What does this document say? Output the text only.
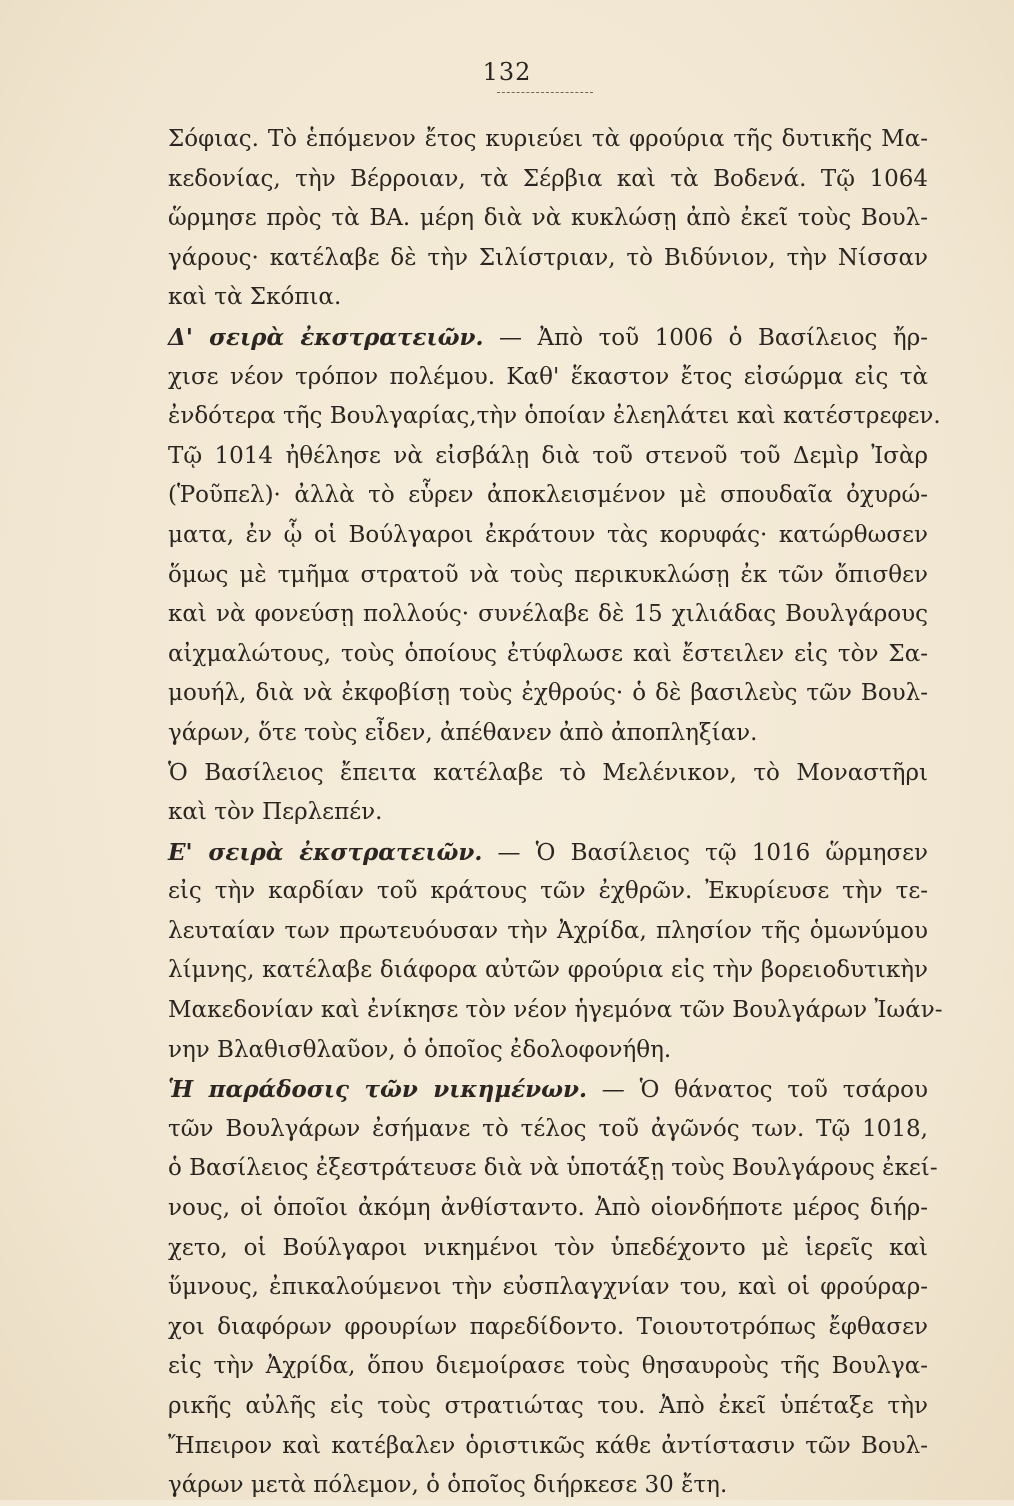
132
Σόφιας. Τὸ ἑπόμενον ἔτος κυριεύει τὰ φρούρια τῆς δυτικῆς Μα-
κεδονίας, τὴν Βέρροιαν, τὰ Σέρβια καὶ τὰ Βοδενά. Τῷ 1064
ὥρμησε πρὸς τὰ ΒΑ. μέρη διὰ νὰ κυκλώσῃ ἀπὸ ἐκεῖ τοὺς Βουλ-
γάρους· κατέλαβε δὲ τὴν Σιλίστριαν, τὸ Βιδύνιον, τὴν Νίσσαν
καὶ τὰ Σκόπια.
Δ' σειρὰ ἐκστρατειῶν. — Ἀπὸ τοῦ 1006 ὁ Βασίλειος ἤρ-
χισε νέον τρόπον πολέμου. Καθ' ἕκαστον ἔτος εἰσώρμα εἰς τὰ
ἐνδότερα τῆς Βουλγαρίας,τὴν ὁποίαν ἐλεηλάτει καὶ κατέστρεφεν.
Τῷ 1014 ἠθέλησε νὰ εἰσβάλῃ διὰ τοῦ στενοῦ τοῦ Δεμὶρ Ἰσὰρ
(Ῥοῦπελ)· ἀλλὰ τὸ εὗρεν ἀποκλεισμένον μὲ σπουδαῖα ὀχυρώ-
ματα, ἐν ᾧ οἱ Βούλγαροι ἐκράτουν τὰς κορυφάς· κατώρθωσεν
ὅμως μὲ τμῆμα στρατοῦ νὰ τοὺς περικυκλώσῃ ἐκ τῶν ὄπισθεν
καὶ νὰ φονεύσῃ πολλούς· συνέλαβε δὲ 15 χιλιάδας Βουλγάρους
αἰχμαλώτους, τοὺς ὁποίους ἐτύφλωσε καὶ ἔστειλεν εἰς τὸν Σα-
μουήλ, διὰ νὰ ἐκφοβίσῃ τοὺς ἐχθρούς· ὁ δὲ βασιλεὺς τῶν Βουλ-
γάρων, ὅτε τοὺς εἶδεν, ἀπέθανεν ἀπὸ ἀποπληξίαν.
Ὁ Βασίλειος ἔπειτα κατέλαβε τὸ Μελένικον, τὸ Μοναστῆρι
καὶ τὸν Περλεπέν.
Ε' σειρὰ ἐκστρατειῶν. — Ὁ Βασίλειος τῷ 1016 ὥρμησεν
εἰς τὴν καρδίαν τοῦ κράτους τῶν ἐχθρῶν. Ἐκυρίευσε τὴν τε-
λευταίαν των πρωτευόυσαν τὴν Ἀχρίδα, πλησίον τῆς ὁμωνύμου
λίμνης, κατέλαβε διάφορα αὐτῶν φρούρια εἰς τὴν βορειοδυτικὴν
Μακεδονίαν καὶ ἐνίκησε τὸν νέον ἡγεμόνα τῶν Βουλγάρων Ἰωάν-
νην Βλαθισθλαῦον, ὁ ὁποῖος ἐδολοφονήθη.
Ἡ παράδοσις τῶν νικημένων. — Ὁ θάνατος τοῦ τσάρου
τῶν Βουλγάρων ἐσήμανε τὸ τέλος τοῦ ἀγῶνός των. Τῷ 1018,
ὁ Βασίλειος ἐξεστράτευσε διὰ νὰ ὑποτάξῃ τοὺς Βουλγάρους ἐκεί-
νους, οἱ ὁποῖοι ἀκόμη ἀνθίσταντο. Ἀπὸ οἱονδήποτε μέρος διήρ-
χετο, οἱ Βούλγαροι νικημένοι τὸν ὑπεδέχοντο μὲ ἱερεῖς καὶ
ὕμνους, ἐπικαλούμενοι τὴν εὐσπλαγχνίαν του, καὶ οἱ φρούραρ-
χοι διαφόρων φρουρίων παρεδίδοντο. Τοιουτοτρόπως ἔφθασεν
εἰς τὴν Ἀχρίδα, ὅπου διεμοίρασε τοὺς θησαυροὺς τῆς Βουλγα-
ρικῆς αὐλῆς εἰς τοὺς στρατιώτας του. Ἀπὸ ἐκεῖ ὑπέταξε τὴν
Ἤπειρον καὶ κατέβαλεν ὁριστικῶς κάθε ἀντίστασιν τῶν Βουλ-
γάρων μετὰ πόλεμον, ὁ ὁποῖος διήρκεσε 30 ἔτη.
